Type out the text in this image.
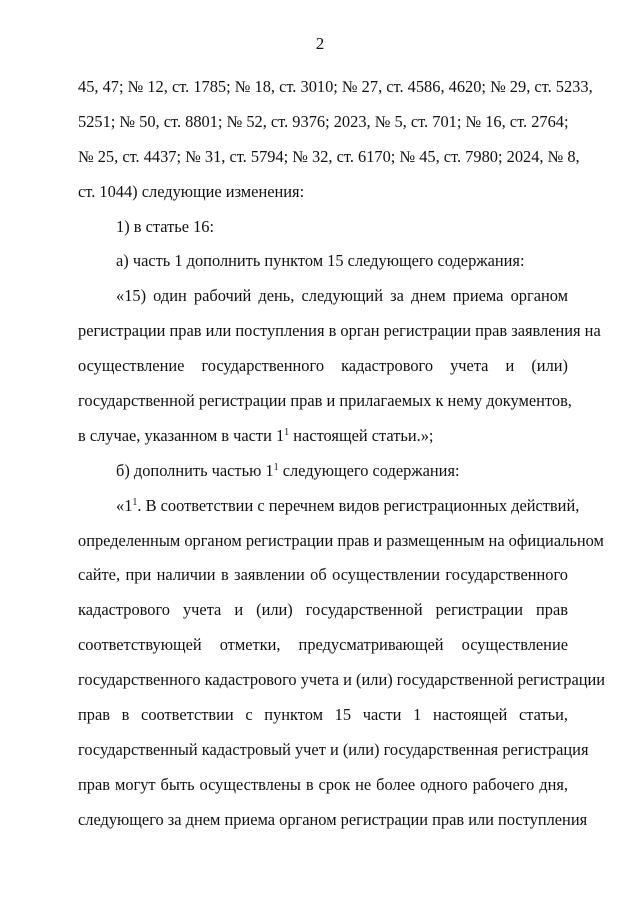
2
45, 47; № 12, ст. 1785; № 18, ст. 3010; № 27, ст. 4586, 4620; № 29, ст. 5233,
5251; № 50, ст. 8801; № 52, ст. 9376; 2023, № 5, ст. 701; № 16, ст. 2764;
№ 25, ст. 4437; № 31, ст. 5794; № 32, ст. 6170; № 45, ст. 7980; 2024, № 8,
ст. 1044) следующие изменения:
1) в статье 16:
а) часть 1 дополнить пунктом 15 следующего содержания:
«15) один рабочий день, следующий за днем приема органом
регистрации прав или поступления в орган регистрации прав заявления на
осуществление государственного кадастрового учета и (или)
государственной регистрации прав и прилагаемых к нему документов,
в случае, указанном в части $1^1$ настоящей статьи.»;
б) дополнить частью $1^1$ следующего содержания:
«$1^1$. В соответствии с перечнем видов регистрационных действий,
определенным органом регистрации прав и размещенным на официальном
сайте, при наличии в заявлении об осуществлении государственного
кадастрового учета и (или) государственной регистрации прав
соответствующей отметки, предусматривающей осуществление
государственного кадастрового учета и (или) государственной регистрации
прав в соответствии с пунктом 15 части 1 настоящей статьи,
государственный кадастровый учет и (или) государственная регистрация
прав могут быть осуществлены в срок не более одного рабочего дня,
следующего за днем приема органом регистрации прав или поступления
